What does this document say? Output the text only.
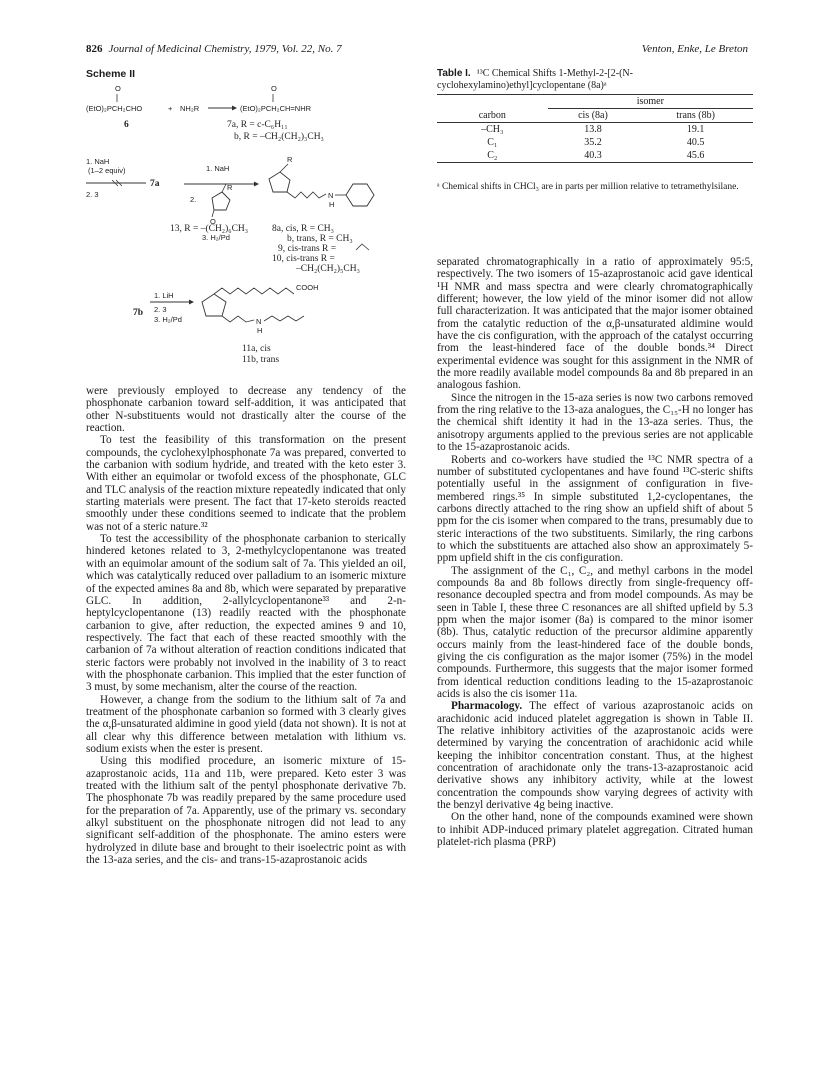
826 Journal of Medicinal Chemistry, 1979, Vol. 22, No. 7	Venton, Enke, Le Breton
Scheme II
O
(EtO)₂PCH₂CHO	+ NH₂R
O
(EtO)₂PCH₂CH=NHR
6	7a, R = c-C₆H₁₁
b, R = –CH₂(CH₂)₃CH₃
1. NaH
(1–2 equiv)
7a
2. 3
1. NaH
2.
O
R
13, R = –(CH₂)₆CH₃
3. H₂/Pd
R
N
H
8a, cis, R = CH₃
b, trans, R = CH₃
9, cis-trans R =
10, cis-trans R =
–CH₂(CH₂)₅CH₃
7b
1. LiH
2. 3
3. H₂/Pd
COOH
N
H
11a, cis
11b, trans
Table I. ¹³C Chemical Shifts 1-Methyl-2-[2-(N-cyclohexylamino)ethyl]cyclopentane (8a)ᵃ
	isomer	
carbon	cis (8a)	trans (8b)
–CH₃	13.8	19.1
C₁	35.2	40.5
C₂	40.3	45.6
ᵃ Chemical shifts in CHCl₃ are in parts per million relative to tetramethylsilane.

were previously employed to decrease any tendency of the phosphonate carbanion toward self-addition, it was anticipated that other N-substituents would not drastically alter the course of the reaction.

To test the feasibility of this transformation on the present compounds, the cyclohexylphosphonate 7a was prepared, converted to the carbanion with sodium hydride, and treated with the keto ester 3. With either an equimolar or twofold excess of the phosphonate, GLC and TLC analysis of the reaction mixture repeatedly indicated that only starting materials were present. The fact that 17-keto steroids reacted smoothly under these conditions seemed to indicate that the problem was not of a steric nature.³²

To test the accessibility of the phosphonate carbanion to sterically hindered ketones related to 3, 2-methylcyclopentanone was treated with an equimolar amount of the sodium salt of 7a. This yielded an oil, which was catalytically reduced over palladium to an isomeric mixture of the expected amines 8a and 8b, which were separated by preparative GLC. In addition, 2-allylcyclopentanone³³ and 2-n-heptylcyclopentanone (13) readily reacted with the phosphonate carbanion to give, after reduction, the expected amines 9 and 10, respectively. The fact that each of these reacted smoothly with the carbanion of 7a without alteration of reaction conditions indicated that steric factors were probably not involved in the inability of 3 to react with the phosphonate carbanion. This implied that the ester function of 3 must, by some mechanism, alter the course of the reaction.

However, a change from the sodium to the lithium salt of 7a and treatment of the phosphonate carbanion so formed with 3 clearly gives the α,β-unsaturated aldimine in good yield (data not shown). It is not at all clear why this difference between metalation with lithium vs. sodium exists when the ester is present.

Using this modified procedure, an isomeric mixture of 15-azaprostanoic acids, 11a and 11b, were prepared. Keto ester 3 was treated with the lithium salt of the pentyl phosphonate derivative 7b. The phosphonate 7b was readily prepared by the same procedure used for the preparation of 7a. Apparently, use of the primary vs. secondary alkyl substituent on the phosphonate nitrogen did not lead to any significant self-addition of the phosphonate. The amino esters were hydrolyzed in dilute base and brought to their isoelectric point as with the 13-aza series, and the cis- and trans-15-azaprostanoic acids

separated chromatographically in a ratio of approximately 95:5, respectively. The two isomers of 15-azaprostanoic acid gave identical ¹H NMR and mass spectra and were clearly chromatographically different; however, the low yield of the minor isomer did not allow full characterization. It was anticipated that the major isomer obtained from the catalytic reduction of the α,β-unsaturated aldimine would have the cis configuration, with the approach of the catalyst occurring from the least-hindered face of the double bonds.³⁴ Direct experimental evidence was sought for this assignment in the NMR of the more readily available model compounds 8a and 8b prepared in an analogous fashion.

Since the nitrogen in the 15-aza series is now two carbons removed from the ring relative to the 13-aza analogues, the C₁₅-H no longer has the chemical shift identity it had in the 13-aza series. Thus, the anisotropy arguments applied to the previous series are not applicable to the 15-azaprostanoic acids.

Roberts and co-workers have studied the ¹³C NMR spectra of a number of substituted cyclopentanes and have found ¹³C-steric shifts potentially useful in the assignment of configuration in five-membered rings.³⁵ In simple substituted 1,2-cyclopentanes, the carbons directly attached to the ring show an upfield shift of about 5 ppm for the cis isomer when compared to the trans, presumably due to steric interactions of the two substituents. Similarly, the ring carbons to which the substituents are attached also show an approximately 5-ppm upfield shift in the cis configuration.

The assignment of the C₁, C₂, and methyl carbons in the model compounds 8a and 8b follows directly from single-frequency off-resonance decoupled spectra and from model compounds. As may be seen in Table I, these three C resonances are all shifted upfield by 5.3 ppm when the major isomer (8a) is compared to the minor isomer (8b). Thus, catalytic reduction of the precursor aldimine apparently occurs mainly from the least-hindered face of the double bonds, giving the cis configuration as the major isomer (75%) in the model compounds. Furthermore, this suggests that the major isomer formed from identical reduction conditions leading to the 15-azaprostanoic acids is also the cis isomer 11a.

Pharmacology. The effect of various azaprostanoic acids on arachidonic acid induced platelet aggregation is shown in Table II. The relative inhibitory activities of the azaprostanoic acids were determined by varying the concentration of arachidonic acid while keeping the inhibitor concentration constant. Thus, at the highest concentration of arachidonate only the trans-13-azaprostanoic acid derivative shows any inhibitory activity, while at the lowest concentration the compounds show varying degrees of activity with the benzyl derivative 4g being inactive.

On the other hand, none of the compounds examined were shown to inhibit ADP-induced primary platelet aggregation. Citrated human platelet-rich plasma (PRP)
